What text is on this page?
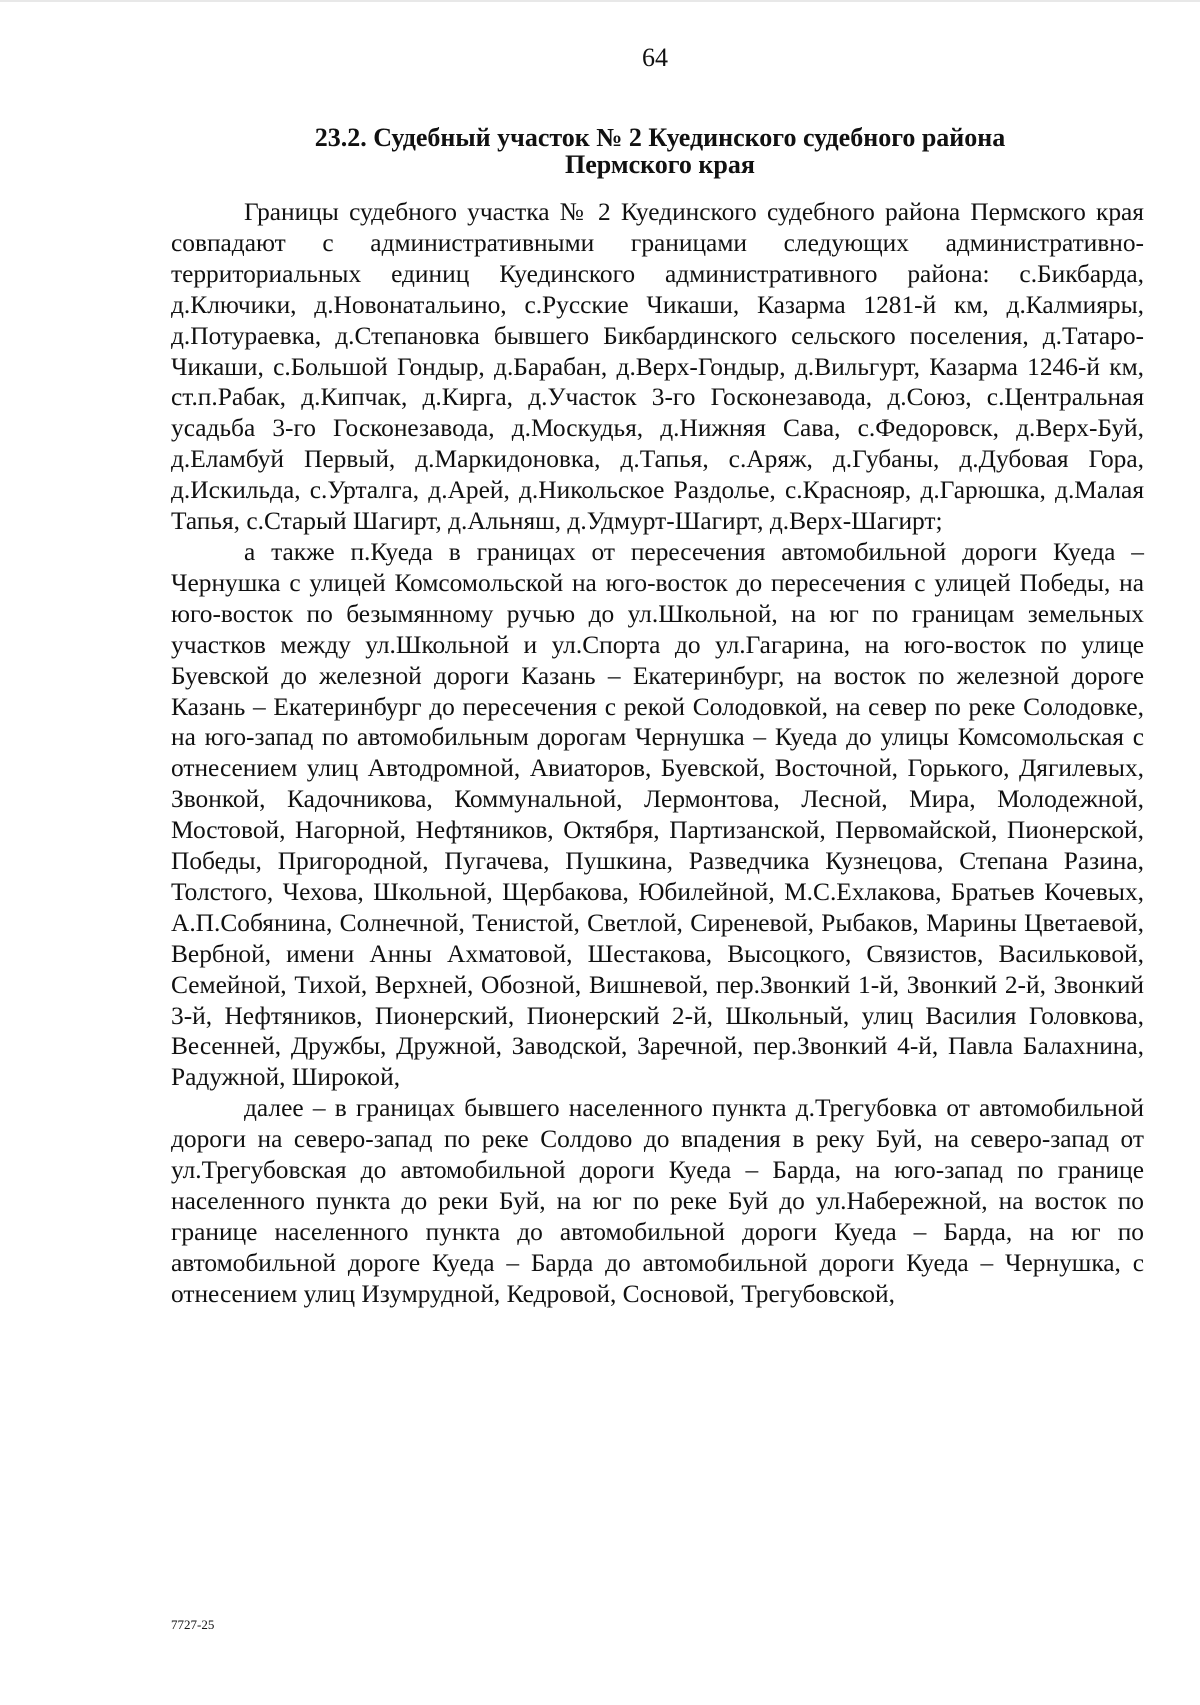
64
23.2. Судебный участок № 2 Куединского судебного района
Пермского края

Границы судебного участка № 2 Куединского судебного района Пермского края совпадают с административными границами следующих административно-территориальных единиц Куединского административного района: с.Бикбарда, д.Ключики, д.Новонатальино, с.Русские Чикаши, Казарма 1281-й км, д.Калмияры, д.Потураевка, д.Степановка бывшего Бикбардинского сельского поселения, д.Татаро-Чикаши, с.Большой Гондыр, д.Барабан, д.Верх-Гондыр, д.Вильгурт, Казарма 1246-й км, ст.п.Рабак, д.Кипчак, д.Кирга, д.Участок 3-го Госконезавода, д.Союз, с.Центральная усадьба 3-го Госконезавода, д.Москудья, д.Нижняя Сава, с.Федоровск, д.Верх-Буй, д.Еламбуй Первый, д.Маркидоновка, д.Тапья, с.Аряж, д.Губаны, д.Дубовая Гора, д.Искильда, с.Урталга, д.Арей, д.Никольское Раздолье, с.Краснояр, д.Гарюшка, д.Малая Тапья, с.Старый Шагирт, д.Альняш, д.Удмурт-Шагирт, д.Верх-Шагирт;

а также п.Куеда в границах от пересечения автомобильной дороги Куеда – Чернушка с улицей Комсомольской на юго-восток до пересечения с улицей Победы, на юго-восток по безымянному ручью до ул.Школьной, на юг по границам земельных участков между ул.Школьной и ул.Спорта до ул.Гагарина, на юго-восток по улице Буевской до железной дороги Казань – Екатеринбург, на восток по железной дороге Казань – Екатеринбург до пересечения с рекой Солодовкой, на север по реке Солодовке, на юго-запад по автомобильным дорогам Чернушка – Куеда до улицы Комсомольская с отнесением улиц Автодромной, Авиаторов, Буевской, Восточной, Горького, Дягилевых, Звонкой, Кадочникова, Коммунальной, Лермонтова, Лесной, Мира, Молодежной, Мостовой, Нагорной, Нефтяников, Октября, Партизанской, Первомайской, Пионерской, Победы, Пригородной, Пугачева, Пушкина, Разведчика Кузнецова, Степана Разина, Толстого, Чехова, Школьной, Щербакова, Юбилейной, М.С.Ехлакова, Братьев Кочевых, А.П.Собянина, Солнечной, Тенистой, Светлой, Сиреневой, Рыбаков, Марины Цветаевой, Вербной, имени Анны Ахматовой, Шестакова, Высоцкого, Связистов, Васильковой, Семейной, Тихой, Верхней, Обозной, Вишневой, пер.Звонкий 1-й, Звонкий 2-й, Звонкий 3-й, Нефтяников, Пионерский, Пионерский 2-й, Школьный, улиц Василия Головкова, Весенней, Дружбы, Дружной, Заводской, Заречной, пер.Звонкий 4-й, Павла Балахнина, Радужной, Широкой,

далее – в границах бывшего населенного пункта д.Трегубовка от автомобильной дороги на северо-запад по реке Солдово до впадения в реку Буй, на северо-запад от ул.Трегубовская до автомобильной дороги Куеда – Барда, на юго-запад по границе населенного пункта до реки Буй, на юг по реке Буй до ул.Набережной, на восток по границе населенного пункта до автомобильной дороги Куеда – Барда, на юг по автомобильной дороге Куеда – Барда до автомобильной дороги Куеда – Чернушка, с отнесением улиц Изумрудной, Кедровой, Сосновой, Трегубовской,

7727-25
